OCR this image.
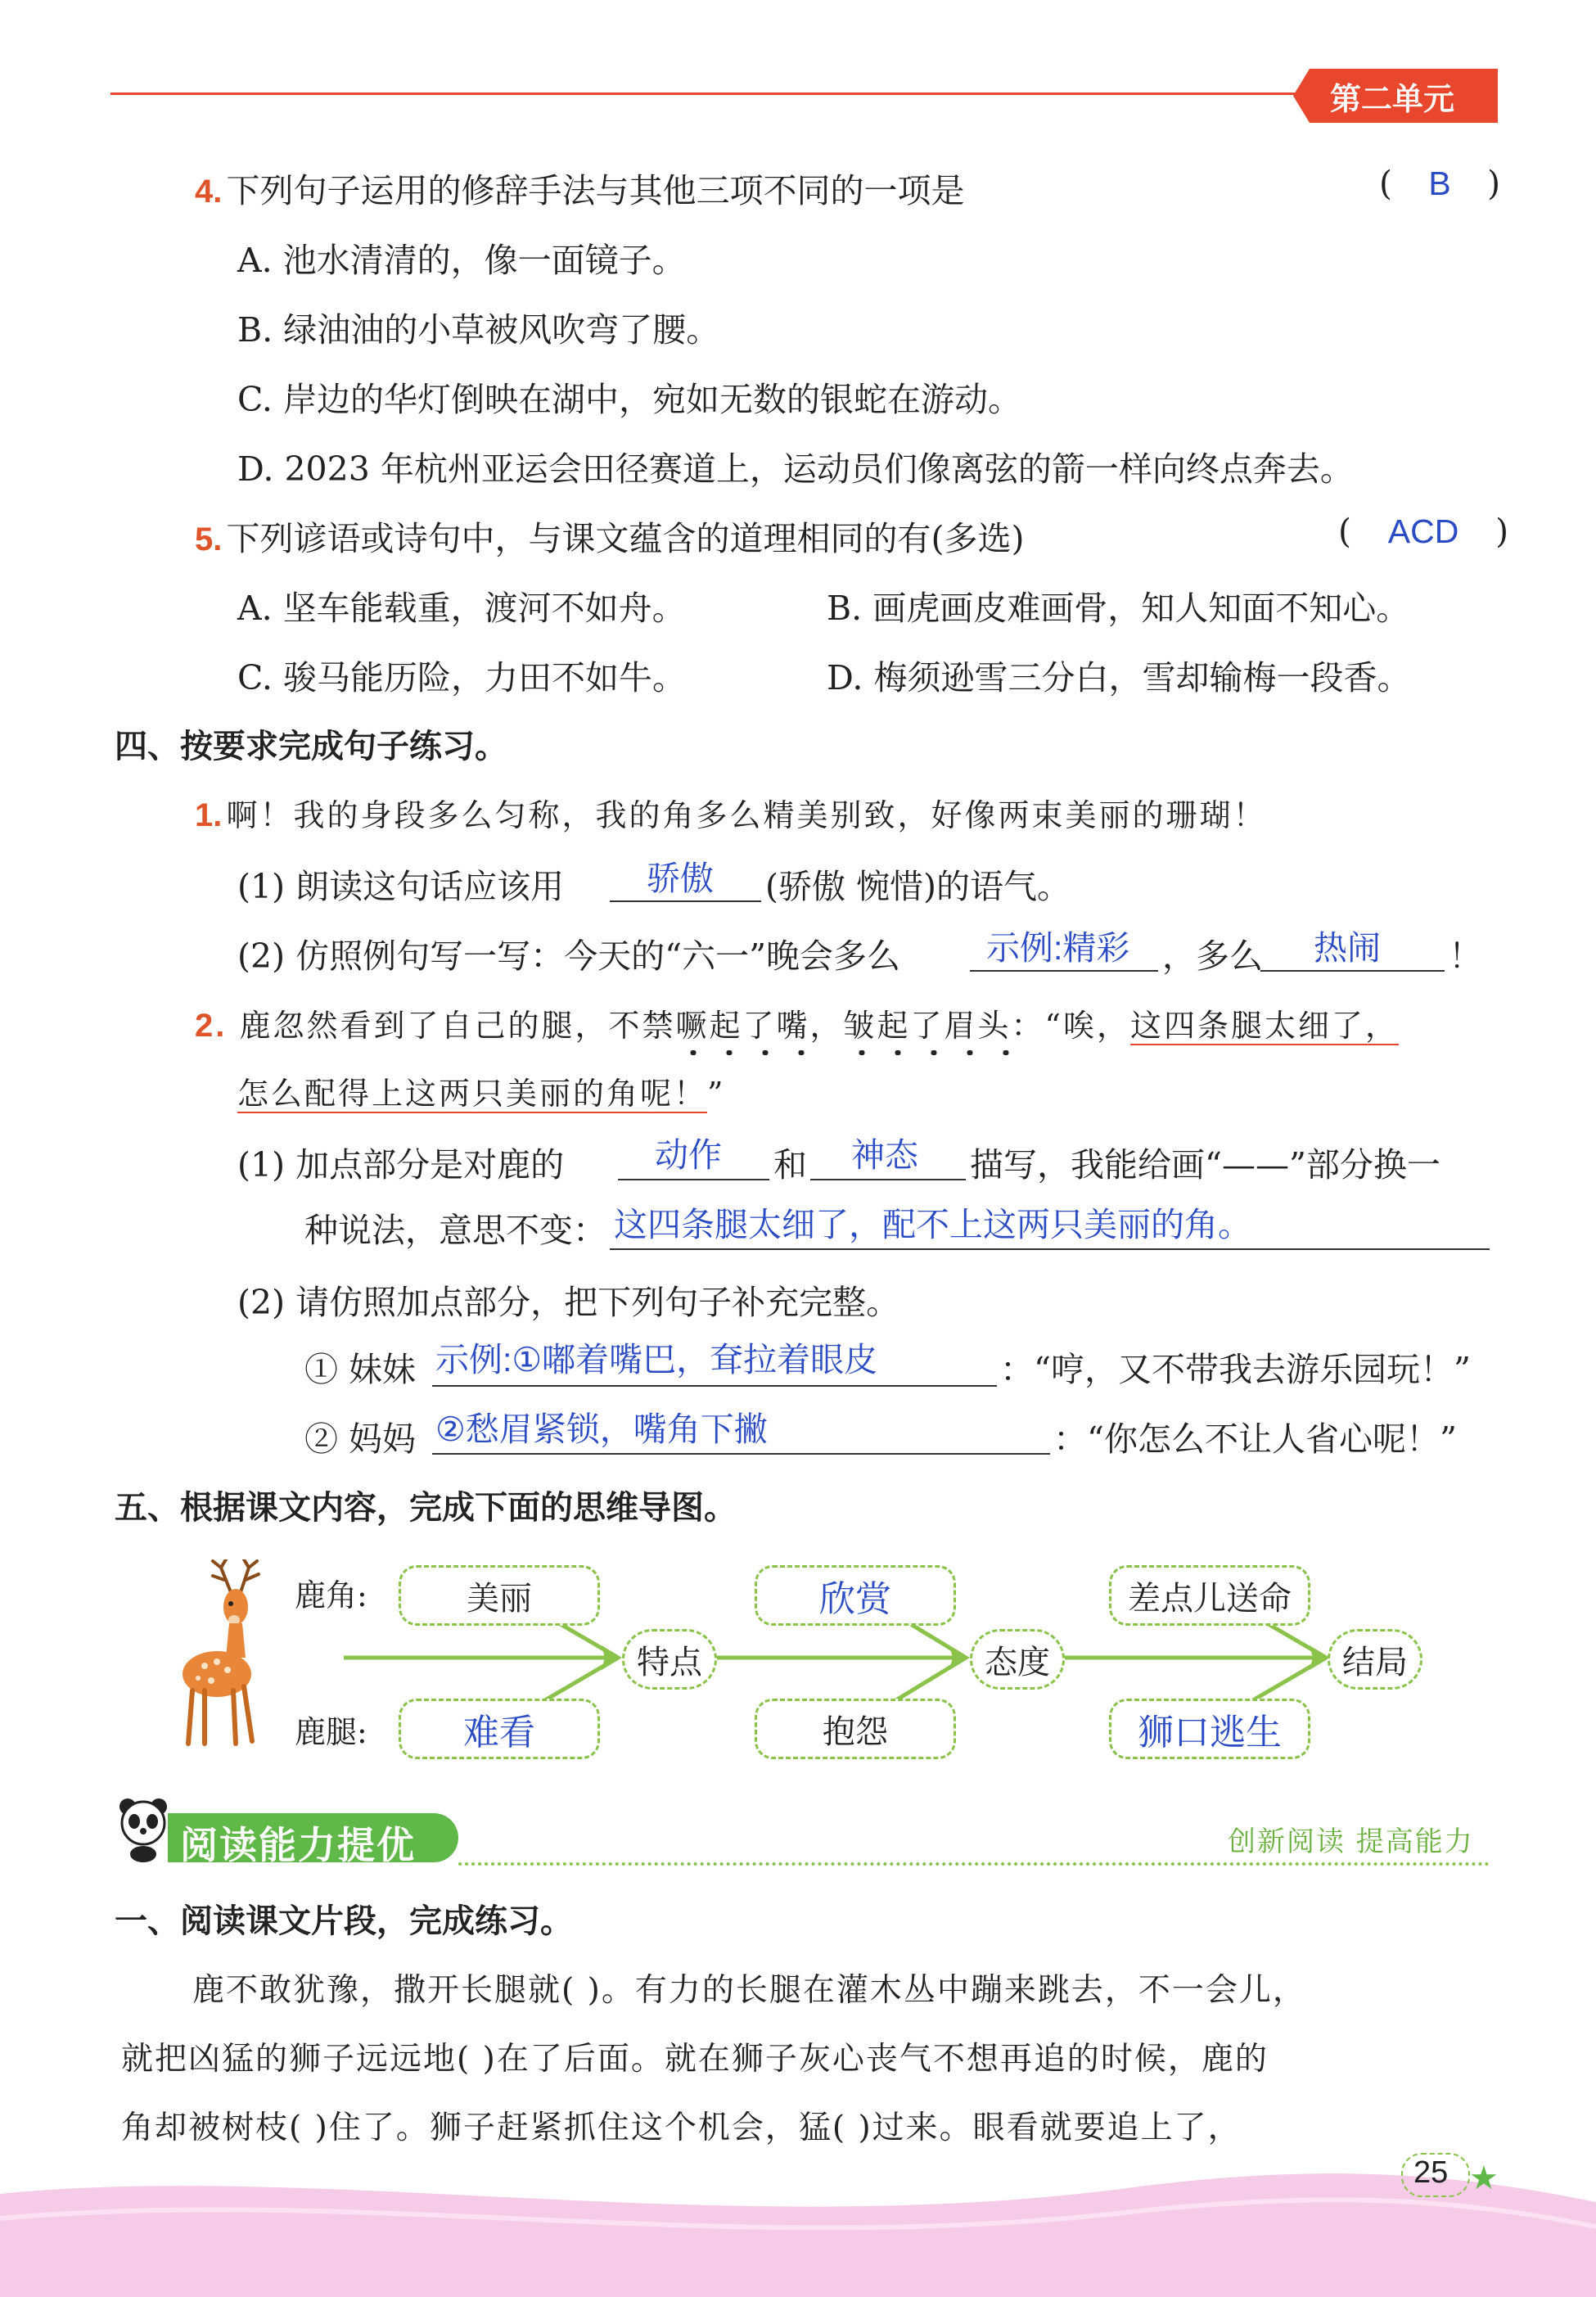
第二单元
4. 下列句子运用的修辞手法与其他三项不同的一项是	( B )
A. 池水清清的，像一面镜子。
B. 绿油油的小草被风吹弯了腰。
C. 岸边的华灯倒映在湖中，宛如无数的银蛇在游动。
D. 2023 年杭州亚运会田径赛道上，运动员们像离弦的箭一样向终点奔去。
5. 下列谚语或诗句中，与课文蕴含的道理相同的有(多选)	( ACD )
A. 坚车能载重，渡河不如舟。	B. 画虎画皮难画骨，知人知面不知心。
C. 骏马能历险，力田不如牛。	D. 梅须逊雪三分白，雪却输梅一段香。
四、按要求完成句子练习。
1. 啊！我的身段多么匀称，我的角多么精美别致，好像两束美丽的珊瑚！
(1) 朗读这句话应该用 骄傲 (骄傲 惋惜)的语气。
(2) 仿照例句写一写：今天的“六一”晚会多么	示例:精彩 ，多么 热闹 ！
2. 鹿忽然看到了自己的腿，不禁噘起了嘴
，皱起了眉头
：“唉，这四条腿太细了，
怎么配得上这两只美丽的角呢！”
(1) 加点部分是对鹿的	动作 和 神态 描写，我能给画“——”部分换一
种说法，意思不变： 这四条腿太细了，配不上这两只美丽的角。
(2) 请仿照加点部分，把下列句子补充完整。
① 妹妹 示例:①嘟着嘴巴，耷拉着眼皮	：“哼，又不带我去游乐园玩！”
② 妈妈 ②愁眉紧锁，嘴角下撇	：“你怎么不让人省心呢！”
五、根据课文内容，完成下面的思维导图。
鹿角:
鹿腿:
美丽	欣赏	差点儿送命
难看	抱怨	狮口逃生
特点	态度	结局
阅读能力提优	创新阅读 提高能力
一、阅读课文片段，完成练习。
鹿不敢犹豫，撒开长腿就( )。有力的长腿在灌木丛中蹦来跳去，不一会儿，
就把凶猛的狮子远远地( )在了后面。就在狮子灰心丧气不想再追的时候，鹿的
角却被树枝( )住了。狮子赶紧抓住这个机会，猛( )过来。眼看就要追上了，
25 ★
